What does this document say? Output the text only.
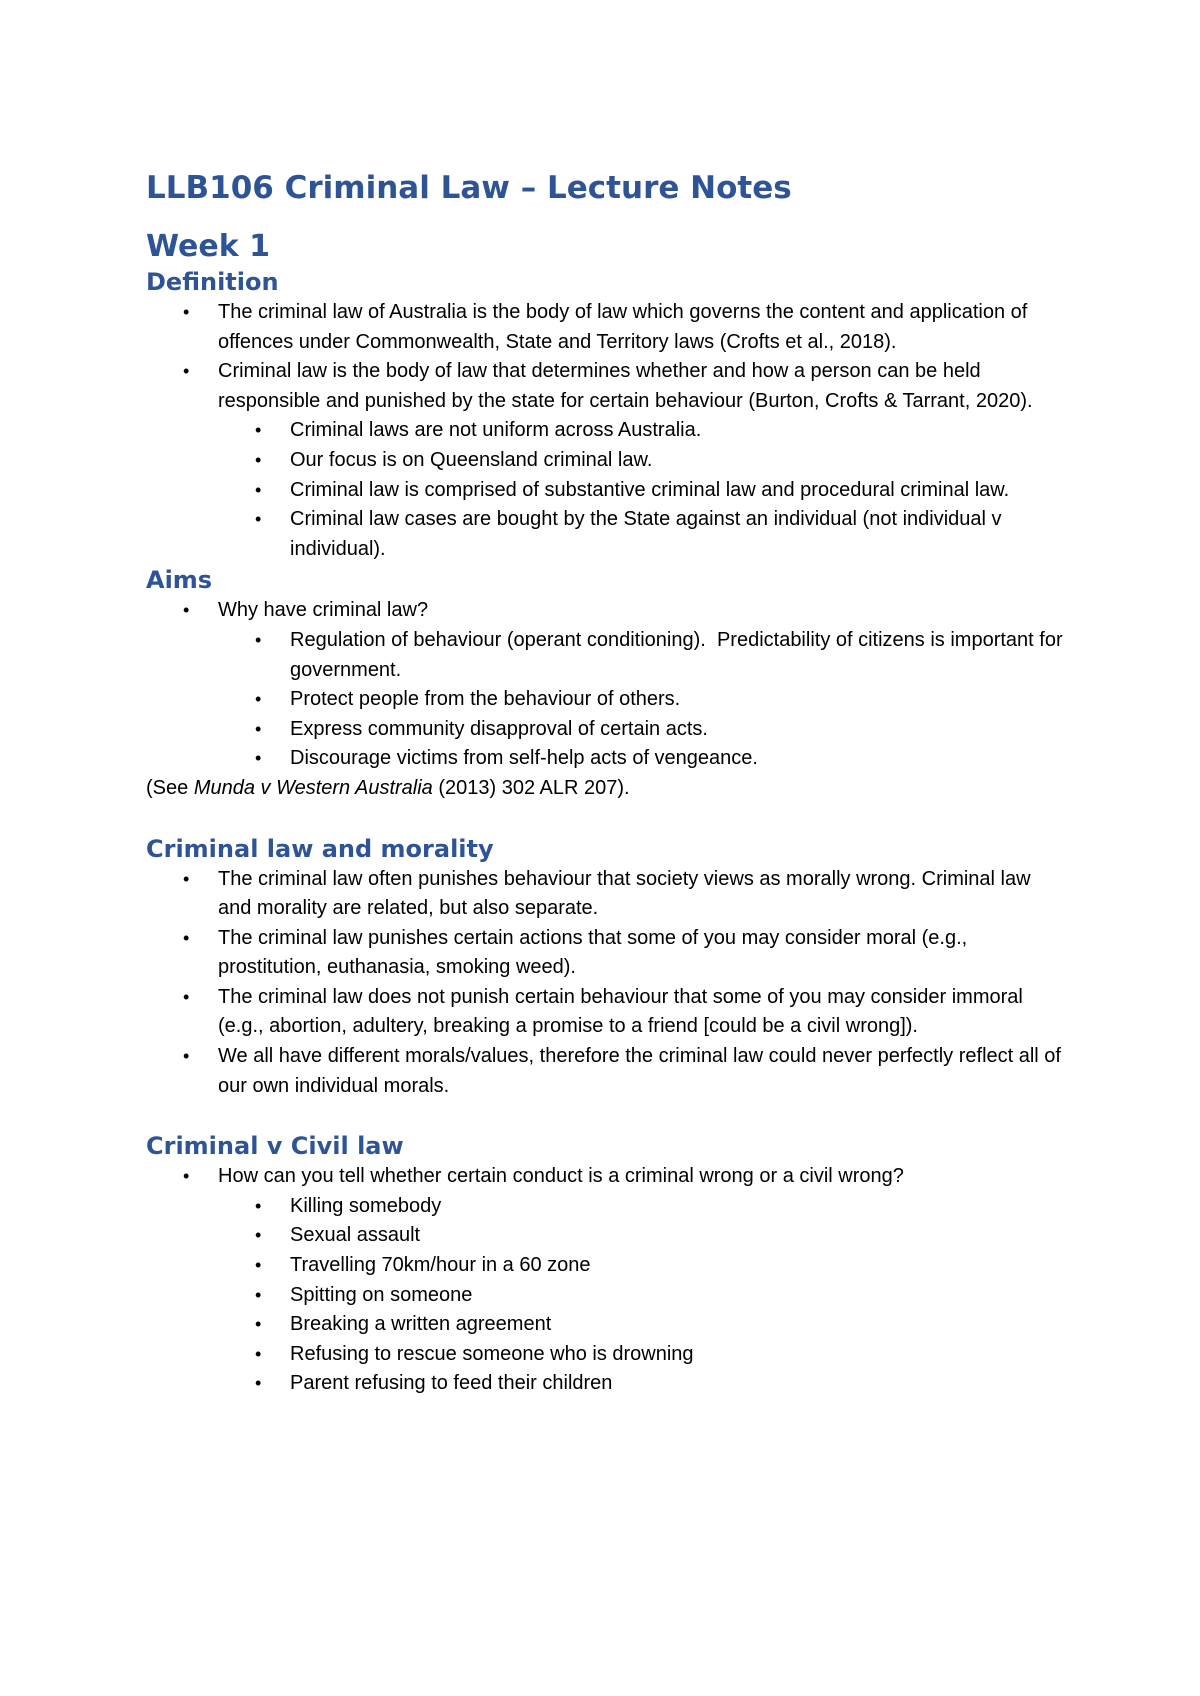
LLB106 Criminal Law – Lecture Notes
Week 1
Definition
• The criminal law of Australia is the body of law which governs the content and application of offences under Commonwealth, State and Territory laws (Crofts et al., 2018).
• Criminal law is the body of law that determines whether and how a person can be held responsible and punished by the state for certain behaviour (Burton, Crofts & Tarrant, 2020).
• Criminal laws are not uniform across Australia.
• Our focus is on Queensland criminal law.
• Criminal law is comprised of substantive criminal law and procedural criminal law.
• Criminal law cases are bought by the State against an individual (not individual v individual).
Aims
• Why have criminal law?
• Regulation of behaviour (operant conditioning).  Predictability of citizens is important for government.
• Protect people from the behaviour of others.
• Express community disapproval of certain acts.
• Discourage victims from self-help acts of vengeance.

(See Munda v Western Australia (2013) 302 ALR 207).

Criminal law and morality
• The criminal law often punishes behaviour that society views as morally wrong. Criminal law and morality are related, but also separate.
• The criminal law punishes certain actions that some of you may consider moral (e.g., prostitution, euthanasia, smoking weed).
• The criminal law does not punish certain behaviour that some of you may consider immoral (e.g., abortion, adultery, breaking a promise to a friend [could be a civil wrong]).
• We all have different morals/values, therefore the criminal law could never perfectly reflect all of our own individual morals.
Criminal v Civil law
• How can you tell whether certain conduct is a criminal wrong or a civil wrong?
• Killing somebody
• Sexual assault
• Travelling 70km/hour in a 60 zone
• Spitting on someone
• Breaking a written agreement
• Refusing to rescue someone who is drowning
• Parent refusing to feed their children
